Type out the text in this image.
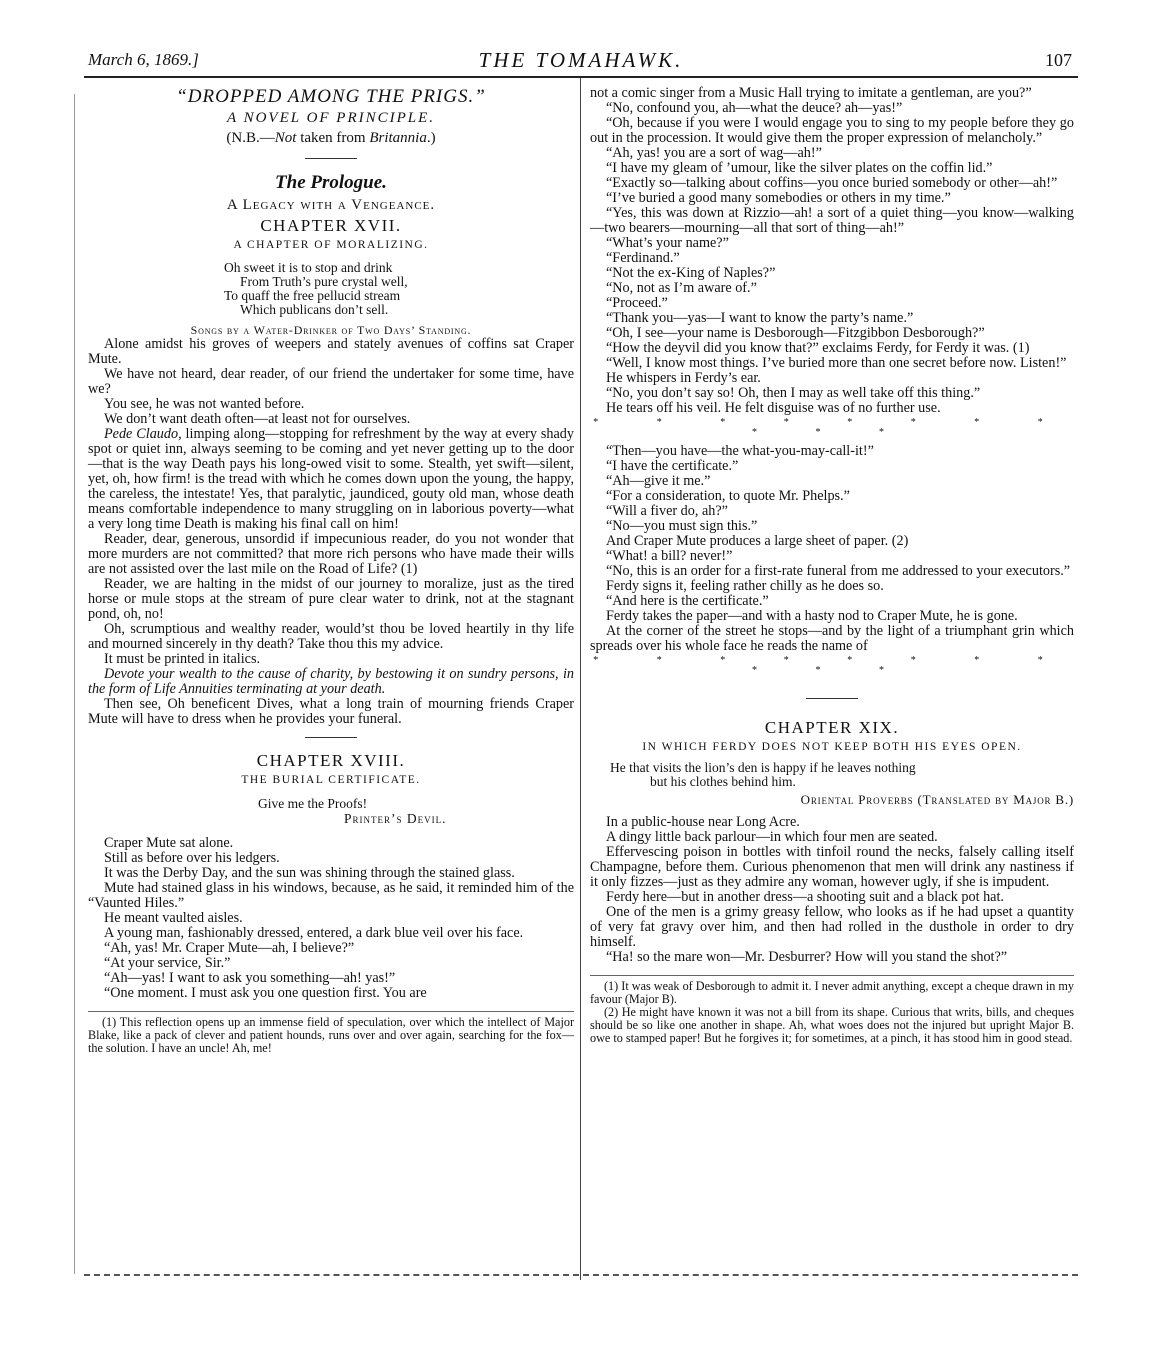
March 6, 1869.]	THE TOMAHAWK.	107

“DROPPED AMONG THE PRIGS.”

A NOVEL OF PRINCIPLE.

(N.B.—Not taken from Britannia.)

The Prologue.

A Legacy with a Vengeance.

CHAPTER XVII.

A CHAPTER OF MORALIZING.

Oh sweet it is to stop and drink
From Truth’s pure crystal well,
To quaff the free pellucid stream
Which publicans don’t sell.

Songs by a Water-Drinker of Two Days’ Standing.

Alone amidst his groves of weepers and stately avenues of coffins sat Craper Mute.

We have not heard, dear reader, of our friend the undertaker for some time, have we?

You see, he was not wanted before.

We don’t want death often—at least not for ourselves.

Pede Claudo, limping along—stopping for refreshment by the way at every shady spot or quiet inn, always seeming to be coming and yet never getting up to the door—that is the way Death pays his long-owed visit to some. Stealth, yet swift—silent, yet, oh, how firm! is the tread with which he comes down upon the young, the happy, the careless, the intestate! Yes, that paralytic, jaundiced, gouty old man, whose death means comfortable independence to many struggling on in laborious poverty—what a very long time Death is making his final call on him!

Reader, dear, generous, unsordid if impecunious reader, do you not wonder that more murders are not committed? that more rich persons who have made their wills are not assisted over the last mile on the Road of Life? (1)

Reader, we are halting in the midst of our journey to moralize, just as the tired horse or mule stops at the stream of pure clear water to drink, not at the stagnant pond, oh, no!

Oh, scrumptious and wealthy reader, would’st thou be loved heartily in thy life and mourned sincerely in thy death? Take thou this my advice.

It must be printed in italics.

Devote your wealth to the cause of charity, by bestowing it on sundry persons, in the form of Life Annuities terminating at your death.

Then see, Oh beneficent Dives, what a long train of mourning friends Craper Mute will have to dress when he provides your funeral.

CHAPTER XVIII.

THE BURIAL CERTIFICATE.

Give me the Proofs!
Printer’s Devil.

Craper Mute sat alone.

Still as before over his ledgers.

It was the Derby Day, and the sun was shining through the stained glass.

Mute had stained glass in his windows, because, as he said, it reminded him of the “Vaunted Hiles.”

He meant vaulted aisles.

A young man, fashionably dressed, entered, a dark blue veil over his face.

“Ah, yas! Mr. Craper Mute—ah, I believe?”

“At your service, Sir.”

“Ah—yas! I want to ask you something—ah! yas!”

“One moment. I must ask you one question first. You are

(1) This reflection opens up an immense field of speculation, over which the intellect of Major Blake, like a pack of clever and patient hounds, runs over and over again, searching for the fox—the solution. I have an uncle! Ah, me!

not a comic singer from a Music Hall trying to imitate a gentleman, are you?”

“No, confound you, ah—what the deuce? ah—yas!”

“Oh, because if you were I would engage you to sing to my people before they go out in the procession. It would give them the proper expression of melancholy.”

“Ah, yas! you are a sort of wag—ah!”

“I have my gleam of ’umour, like the silver plates on the coffin lid.”

“Exactly so—talking about coffins—you once buried somebody or other—ah!”

“I’ve buried a good many somebodies or others in my time.”

“Yes, this was down at Rizzio—ah! a sort of a quiet thing—you know—walking—two bearers—mourning—all that sort of thing—ah!”

“What’s your name?”

“Ferdinand.”

“Not the ex-King of Naples?”

“No, not as I’m aware of.”

“Proceed.”

“Thank you—yas—I want to know the party’s name.”

“Oh, I see—your name is Desborough—Fitzgibbon Desborough?”

“How the deyvil did you know that?” exclaims Ferdy, for Ferdy it was. (1)

“Well, I know most things. I’ve buried more than one secret before now. Listen!”

He whispers in Ferdy’s ear.

“No, you don’t say so! Oh, then I may as well take off this thing.”

He tears off his veil. He felt disguise was of no further use.

* * * * * * * * * * *

“Then—you have—the what-you-may-call-it!”

“I have the certificate.”

“Ah—give it me.”

“For a consideration, to quote Mr. Phelps.”

“Will a fiver do, ah?”

“No—you must sign this.”

And Craper Mute produces a large sheet of paper. (2)

“What! a bill? never!”

“No, this is an order for a first-rate funeral from me addressed to your executors.”

Ferdy signs it, feeling rather chilly as he does so.

“And here is the certificate.”

Ferdy takes the paper—and with a hasty nod to Craper Mute, he is gone.

At the corner of the street he stops—and by the light of a triumphant grin which spreads over his whole face he reads the name of

* * * * * * * * * * *

CHAPTER XIX.

IN WHICH FERDY DOES NOT KEEP BOTH HIS EYES OPEN.

He that visits the lion’s den is happy if he leaves nothing
but his clothes behind him.

Oriental Proverbs (Translated by Major B.)

In a public-house near Long Acre.

A dingy little back parlour—in which four men are seated.

Effervescing poison in bottles with tinfoil round the necks, falsely calling itself Champagne, before them. Curious phenomenon that men will drink any nastiness if it only fizzes—just as they admire any woman, however ugly, if she is impudent.

Ferdy here—but in another dress—a shooting suit and a black pot hat.

One of the men is a grimy greasy fellow, who looks as if he had upset a quantity of very fat gravy over him, and then had rolled in the dusthole in order to dry himself.

“Ha! so the mare won—Mr. Desburrer? How will you stand the shot?”

(1) It was weak of Desborough to admit it. I never admit anything, except a cheque drawn in my favour (Major B).

(2) He might have known it was not a bill from its shape. Curious that writs, bills, and cheques should be so like one another in shape. Ah, what woes does not the injured but upright Major B. owe to stamped paper! But he forgives it; for sometimes, at a pinch, it has stood him in good stead.
